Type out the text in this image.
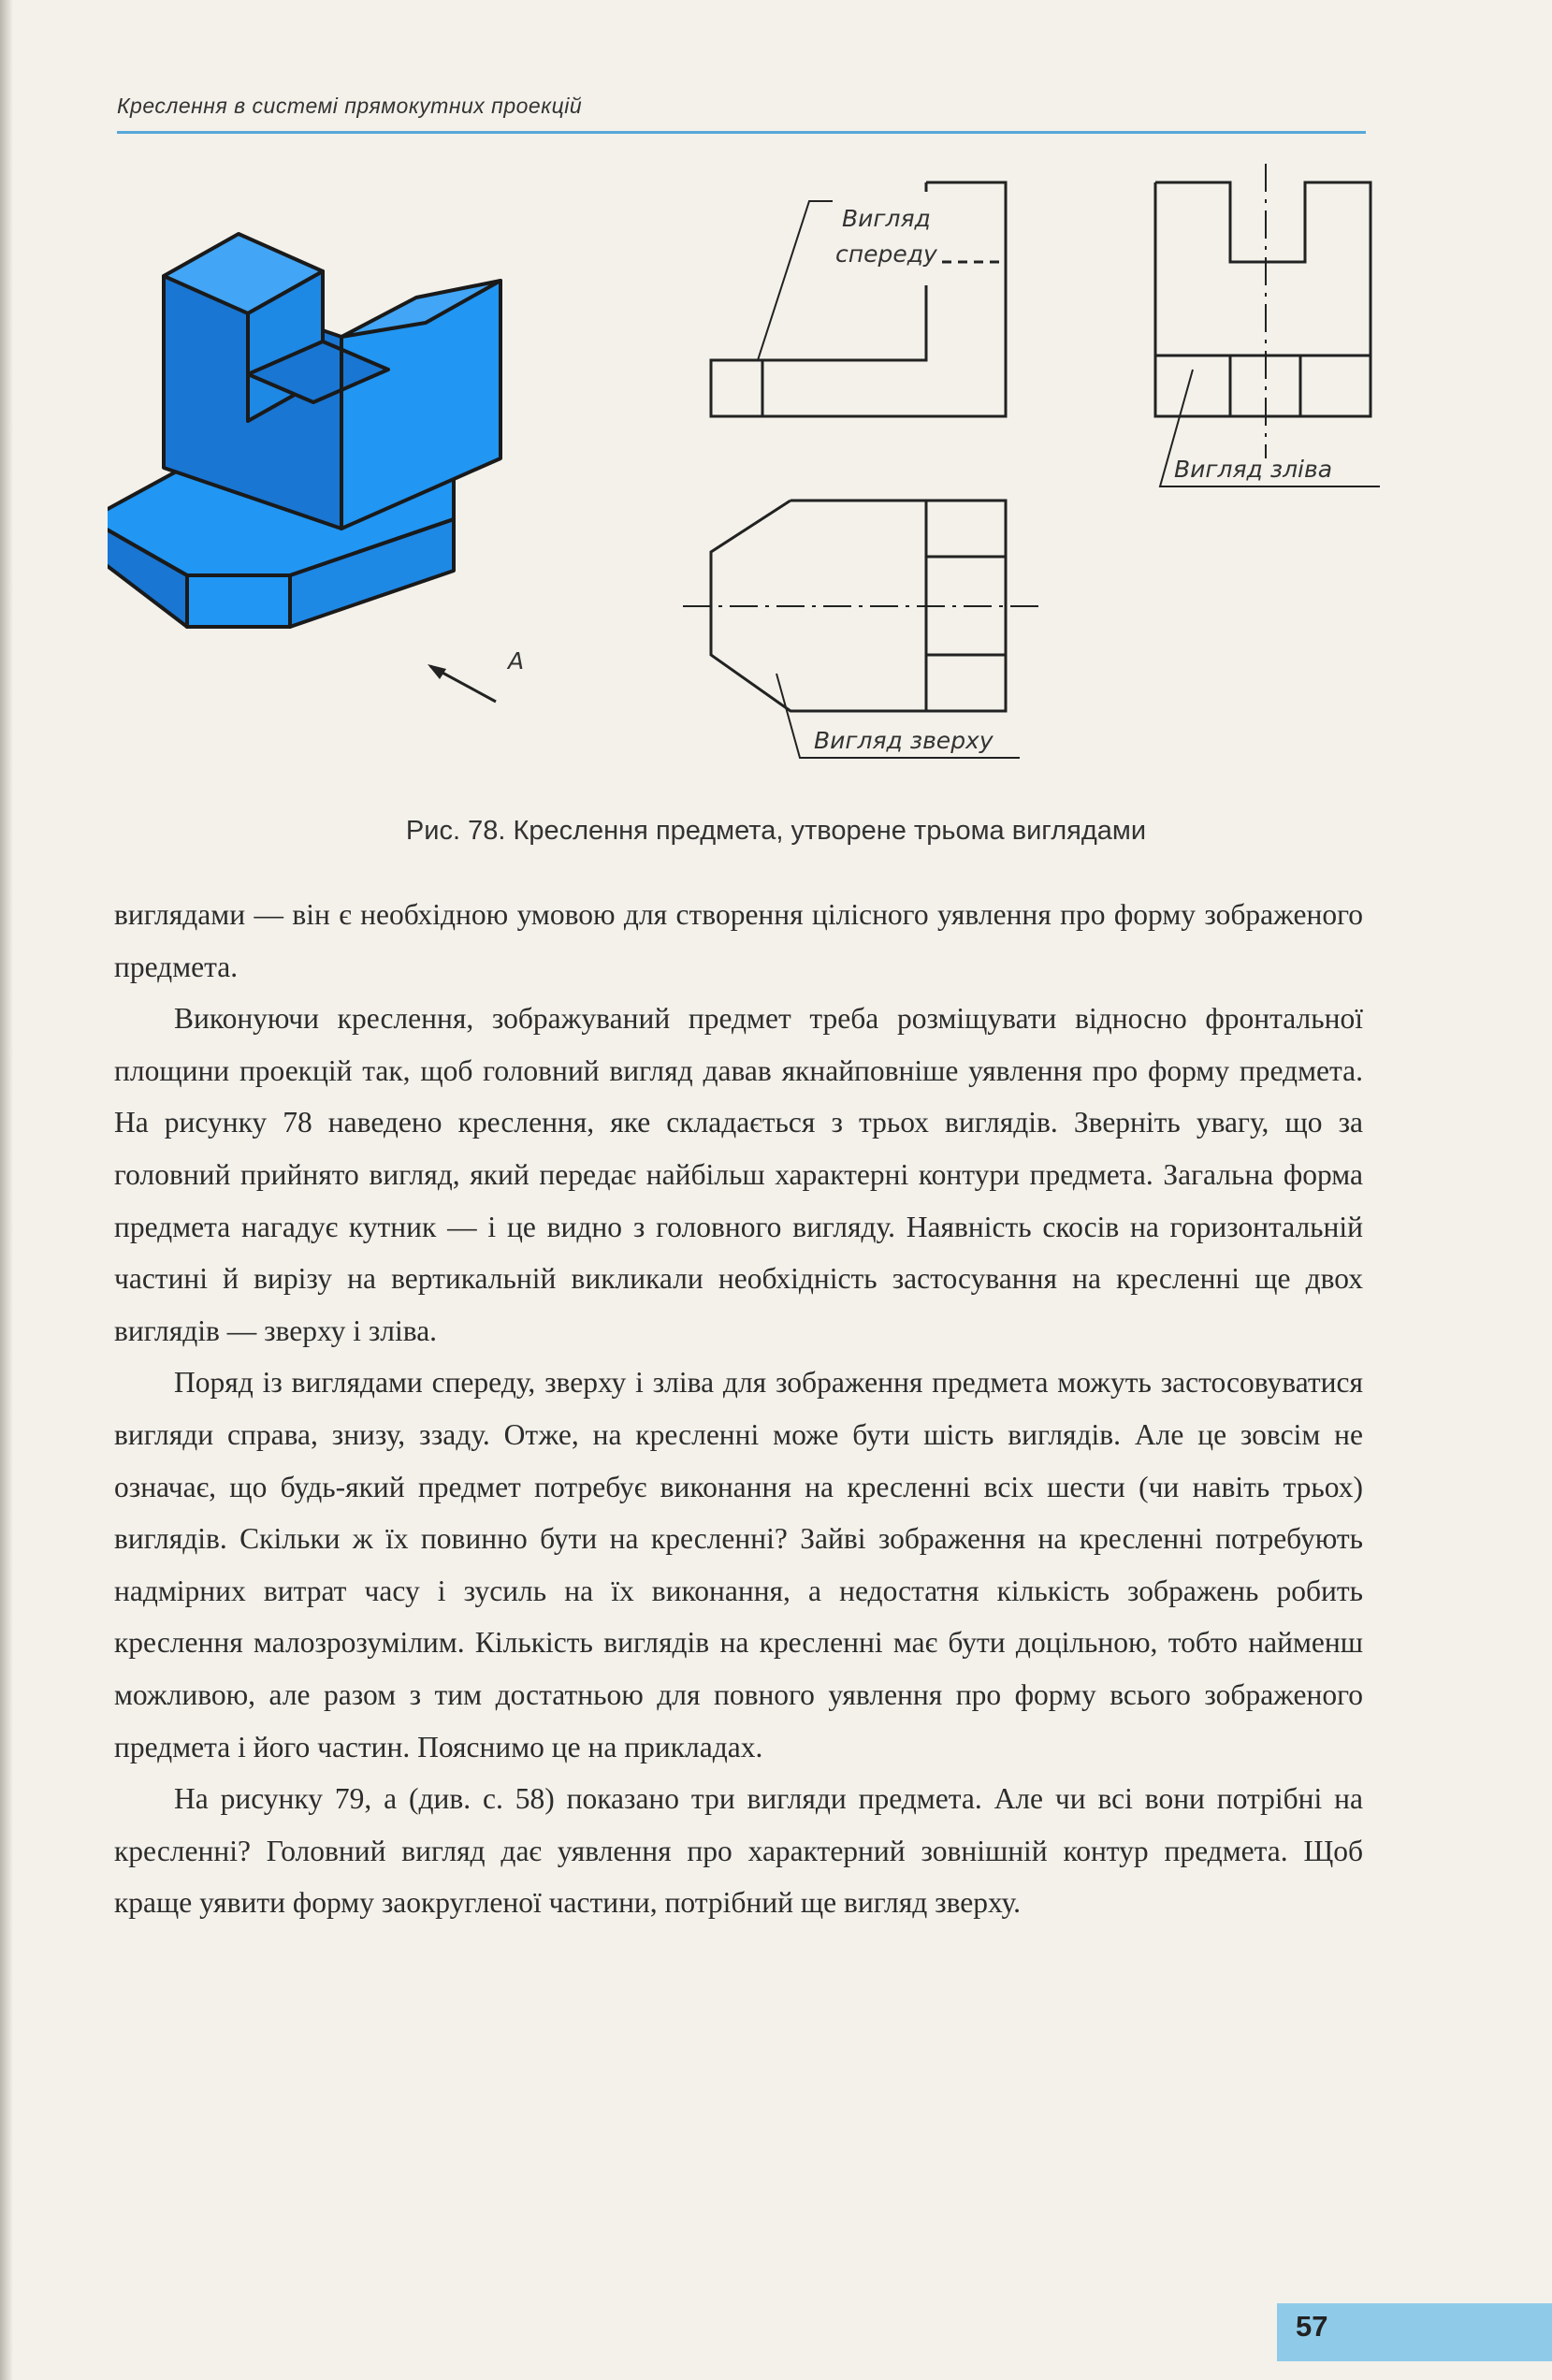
Креслення в системі прямокутних проекцій
А
Вигляд
спереду
Вигляд зліва
Вигляд зверху
Рис. 78. Креслення предмета, утворене трьома виглядами

виглядами — він є необхідною умовою для створення цілісного уявлення про форму зображеного предмета.

Виконуючи креслення, зображуваний предмет треба розміщувати відносно фронтальної площини проекцій так, щоб головний вигляд давав якнайповніше уявлення про форму предмета. На рисунку 78 наведено креслення, яке складається з трьох виглядів. Зверніть увагу, що за головний прийнято вигляд, який передає найбільш характерні контури предмета. Загальна форма предмета нагадує кутник — і це видно з головного вигляду. Наявність скосів на горизонтальній частині й вирізу на вертикальній викликали необхідність застосування на кресленні ще двох виглядів — зверху і зліва.

Поряд із виглядами спереду, зверху і зліва для зображення предмета можуть застосовуватися вигляди справа, знизу, ззаду. Отже, на кресленні може бути шість виглядів. Але це зовсім не означає, що будь-який предмет потребує виконання на кресленні всіх шести (чи навіть трьох) виглядів. Скільки ж їх повинно бути на кресленні? Зайві зображення на кресленні потребують надмірних витрат часу і зусиль на їх виконання, а недостатня кількість зображень робить креслення малозрозумілим. Кількість виглядів на кресленні має бути доцільною, тобто найменш можливою, але разом з тим достатньою для повного уявлення про форму всього зображеного предмета і його частин. Пояснимо це на прикладах.

На рисунку 79, а (див. с. 58) показано три вигляди предмета. Але чи всі вони потрібні на кресленні? Головний вигляд дає уявлення про характерний зовнішній контур предмета. Щоб краще уявити форму заокругленої частини, потрібний ще вигляд зверху.

57
